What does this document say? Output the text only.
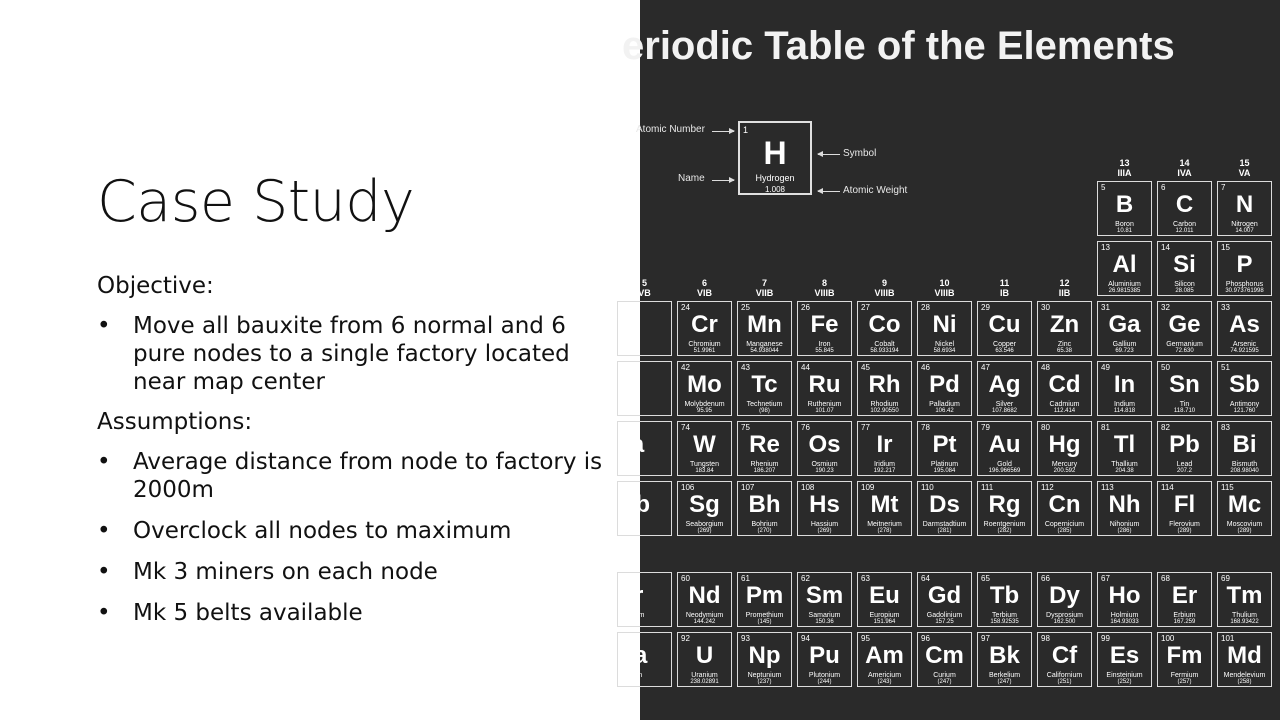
Case Study
Objective:
• Move all bauxite from 6 normal and 6 pure nodes to a single factory located near map center
Assumptions:
• Average distance from node to factory is 2000m
• Overclock all nodes to maximum
• Mk 3 miners on each node
• Mk 5 belts available
eriodic Table of the Elements
Atomic Number
Name
Symbol
Atomic Weight
1
H
Hydrogen
1.008
5
VB
6
VIB
7
VIIB
8
VIIIB
9
VIIIB
10
VIIIB
11
IB
12
IIB
13
IIIA
14
IVA
15
VA
5
B
Boron
10.81
6
C
Carbon
12.011
7
N
Nitrogen
14.007
13
Al
Aluminium
26.9815385
14
Si
Silicon
28.085
15
P
Phosphorus
30.973761998
V
adium
9415
24
Cr
Chromium
51.9961
25
Mn
Manganese
54.938044
26
Fe
Iron
55.845
27
Co
Cobalt
58.933194
28
Ni
Nickel
58.6934
29
Cu
Copper
63.546
30
Zn
Zinc
65.38
31
Ga
Gallium
69.723
32
Ge
Germanium
72.630
33
As
Arsenic
74.921595
lb
bium
0637
42
Mo
Molybdenum
95.95
43
Tc
Technetium
(98)
44
Ru
Ruthenium
101.07
45
Rh
Rhodium
102.90550
46
Pd
Palladium
106.42
47
Ag
Silver
107.8682
48
Cd
Cadmium
112.414
49
In
Indium
114.818
50
Sn
Tin
118.710
51
Sb
Antimony
121.760
Ta
alum
4788
74
W
Tungsten
183.84
75
Re
Rhenium
186.207
76
Os
Osmium
190.23
77
Ir
Iridium
192.217
78
Pt
Platinum
195.084
79
Au
Gold
196.966569
80
Hg
Mercury
200.592
81
Tl
Thallium
204.38
82
Pb
Lead
207.2
83
Bi
Bismuth
208.98040
Db
nium
68)
106
Sg
Seaborgium
(269)
107
Bh
Bohrium
(270)
108
Hs
Hassium
(269)
109
Mt
Meitnerium
(278)
110
Ds
Darmstadtium
(281)
111
Rg
Roentgenium
(282)
112
Cn
Copernicium
(285)
113
Nh
Nihonium
(286)
114
Fl
Flerovium
(289)
115
Mc
Moscovium
(289)
Pr
dymium
90766
60
Nd
Neodymium
144.242
61
Pm
Promethium
(145)
62
Sm
Samarium
150.36
63
Eu
Europium
151.964
64
Gd
Gadolinium
157.25
65
Tb
Terbium
158.92535
66
Dy
Dysprosium
162.500
67
Ho
Holmium
164.93033
68
Er
Erbium
167.259
69
Tm
Thulium
168.93422
Pa
ctinium
03588
92
U
Uranium
238.02891
93
Np
Neptunium
(237)
94
Pu
Plutonium
(244)
95
Am
Americium
(243)
96
Cm
Curium
(247)
97
Bk
Berkelium
(247)
98
Cf
Californium
(251)
99
Es
Einsteinium
(252)
100
Fm
Fermium
(257)
101
Md
Mendelevium
(258)
